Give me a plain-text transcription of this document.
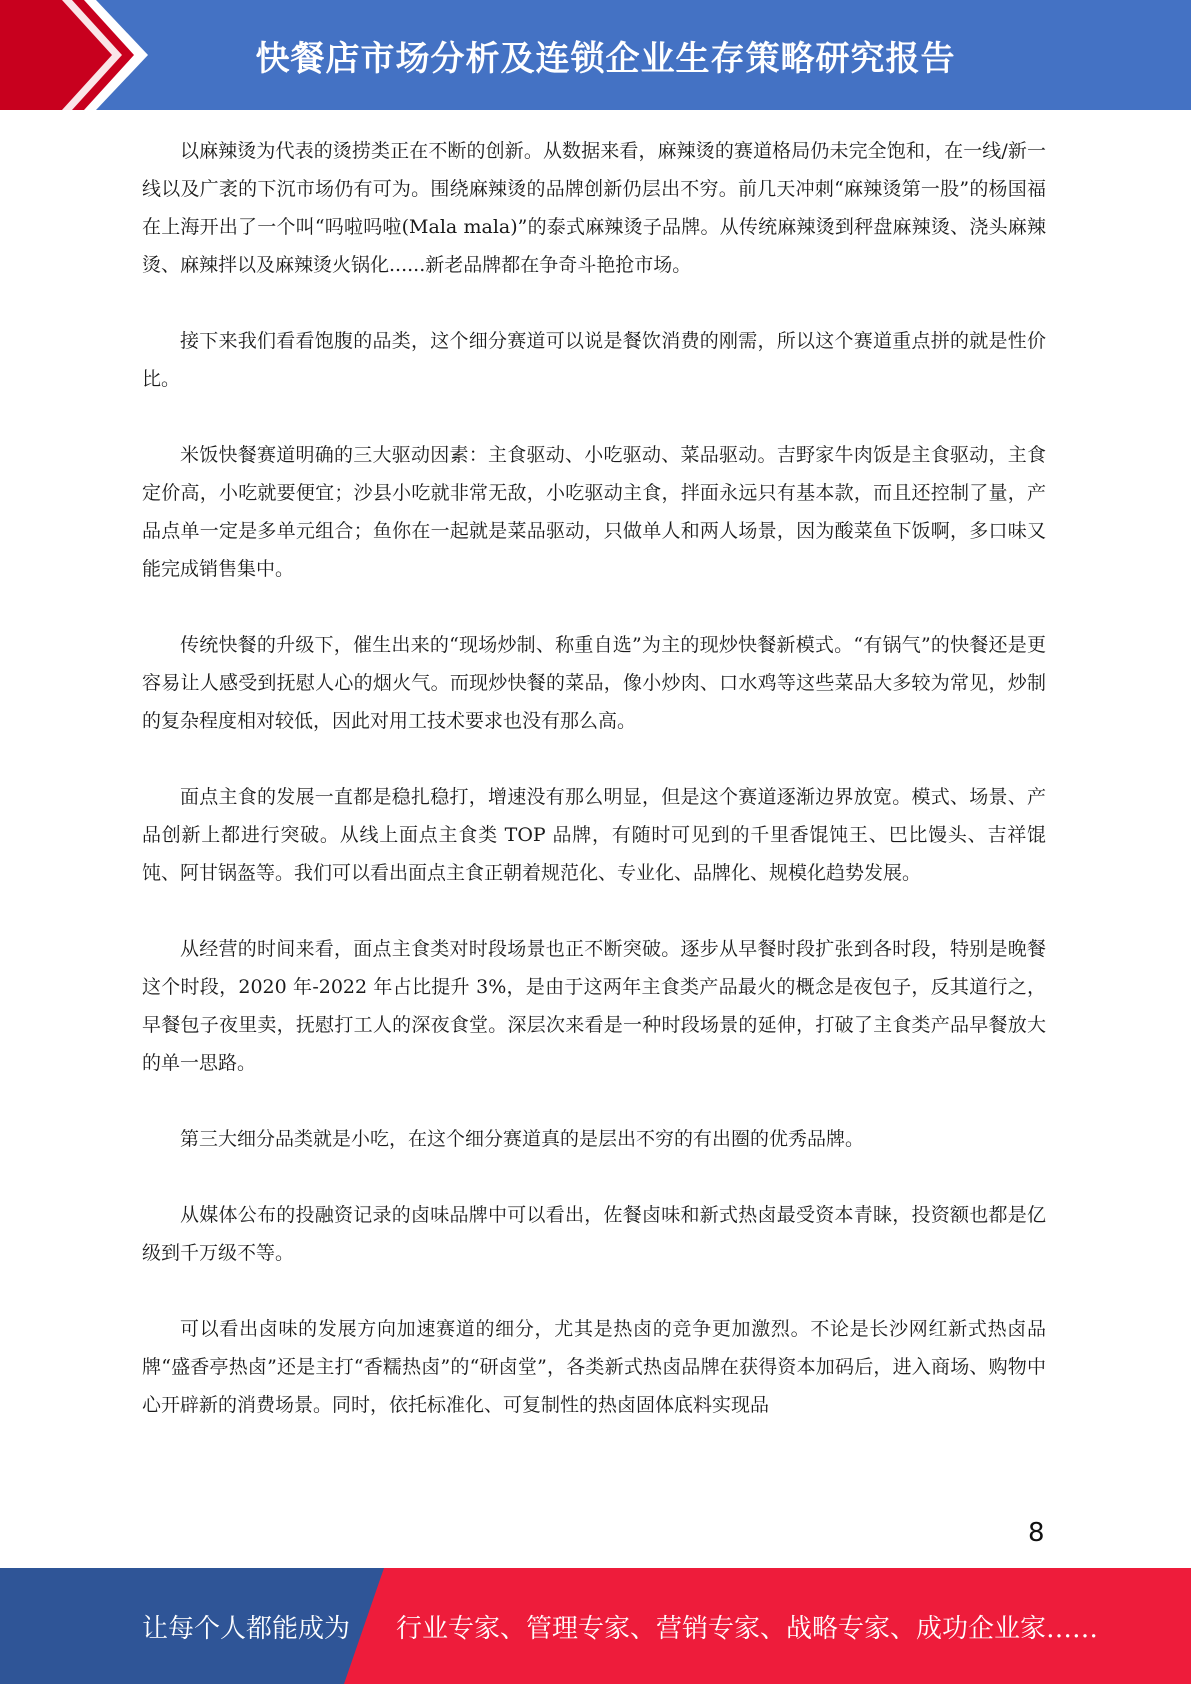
快餐店市场分析及连锁企业生存策略研究报告

以麻辣烫为代表的烫捞类正在不断的创新。从数据来看，麻辣烫的赛道格局仍未完全饱和，在一线/新一线以及广袤的下沉市场仍有可为。围绕麻辣烫的品牌创新仍层出不穷。前几天冲刺“麻辣烫第一股”的杨国福在上海开出了一个叫“吗啦吗啦(Mala mala)”的泰式麻辣烫子品牌。从传统麻辣烫到秤盘麻辣烫、浇头麻辣烫、麻辣拌以及麻辣烫火锅化......新老品牌都在争奇斗艳抢市场。

接下来我们看看饱腹的品类，这个细分赛道可以说是餐饮消费的刚需，所以这个赛道重点拼的就是性价比。

米饭快餐赛道明确的三大驱动因素：主食驱动、小吃驱动、菜品驱动。吉野家牛肉饭是主食驱动，主食定价高，小吃就要便宜；沙县小吃就非常无敌，小吃驱动主食，拌面永远只有基本款，而且还控制了量，产品点单一定是多单元组合；鱼你在一起就是菜品驱动，只做单人和两人场景，因为酸菜鱼下饭啊，多口味又能完成销售集中。

传统快餐的升级下，催生出来的“现场炒制、称重自选”为主的现炒快餐新模式。“有锅气”的快餐还是更容易让人感受到抚慰人心的烟火气。而现炒快餐的菜品，像小炒肉、口水鸡等这些菜品大多较为常见，炒制的复杂程度相对较低，因此对用工技术要求也没有那么高。

面点主食的发展一直都是稳扎稳打，增速没有那么明显，但是这个赛道逐渐边界放宽。模式、场景、产品创新上都进行突破。从线上面点主食类 TOP 品牌，有随时可见到的千里香馄饨王、巴比馒头、吉祥馄饨、阿甘锅盔等。我们可以看出面点主食正朝着规范化、专业化、品牌化、规模化趋势发展。

从经营的时间来看，面点主食类对时段场景也正不断突破。逐步从早餐时段扩张到各时段，特别是晚餐这个时段，2020 年-2022 年占比提升 3%，是由于这两年主食类产品最火的概念是夜包子，反其道行之，早餐包子夜里卖，抚慰打工人的深夜食堂。深层次来看是一种时段场景的延伸，打破了主食类产品早餐放大的单一思路。

第三大细分品类就是小吃，在这个细分赛道真的是层出不穷的有出圈的优秀品牌。

从媒体公布的投融资记录的卤味品牌中可以看出，佐餐卤味和新式热卤最受资本青睐，投资额也都是亿级到千万级不等。

可以看出卤味的发展方向加速赛道的细分，尤其是热卤的竞争更加激烈。不论是长沙网红新式热卤品牌“盛香亭热卤”还是主打“香糯热卤”的“研卤堂”，各类新式热卤品牌在获得资本加码后，进入商场、购物中心开辟新的消费场景。同时，依托标准化、可复制性的热卤固体底料实现品

8
让每个人都能成为 行业专家、管理专家、营销专家、战略专家、成功企业家……
